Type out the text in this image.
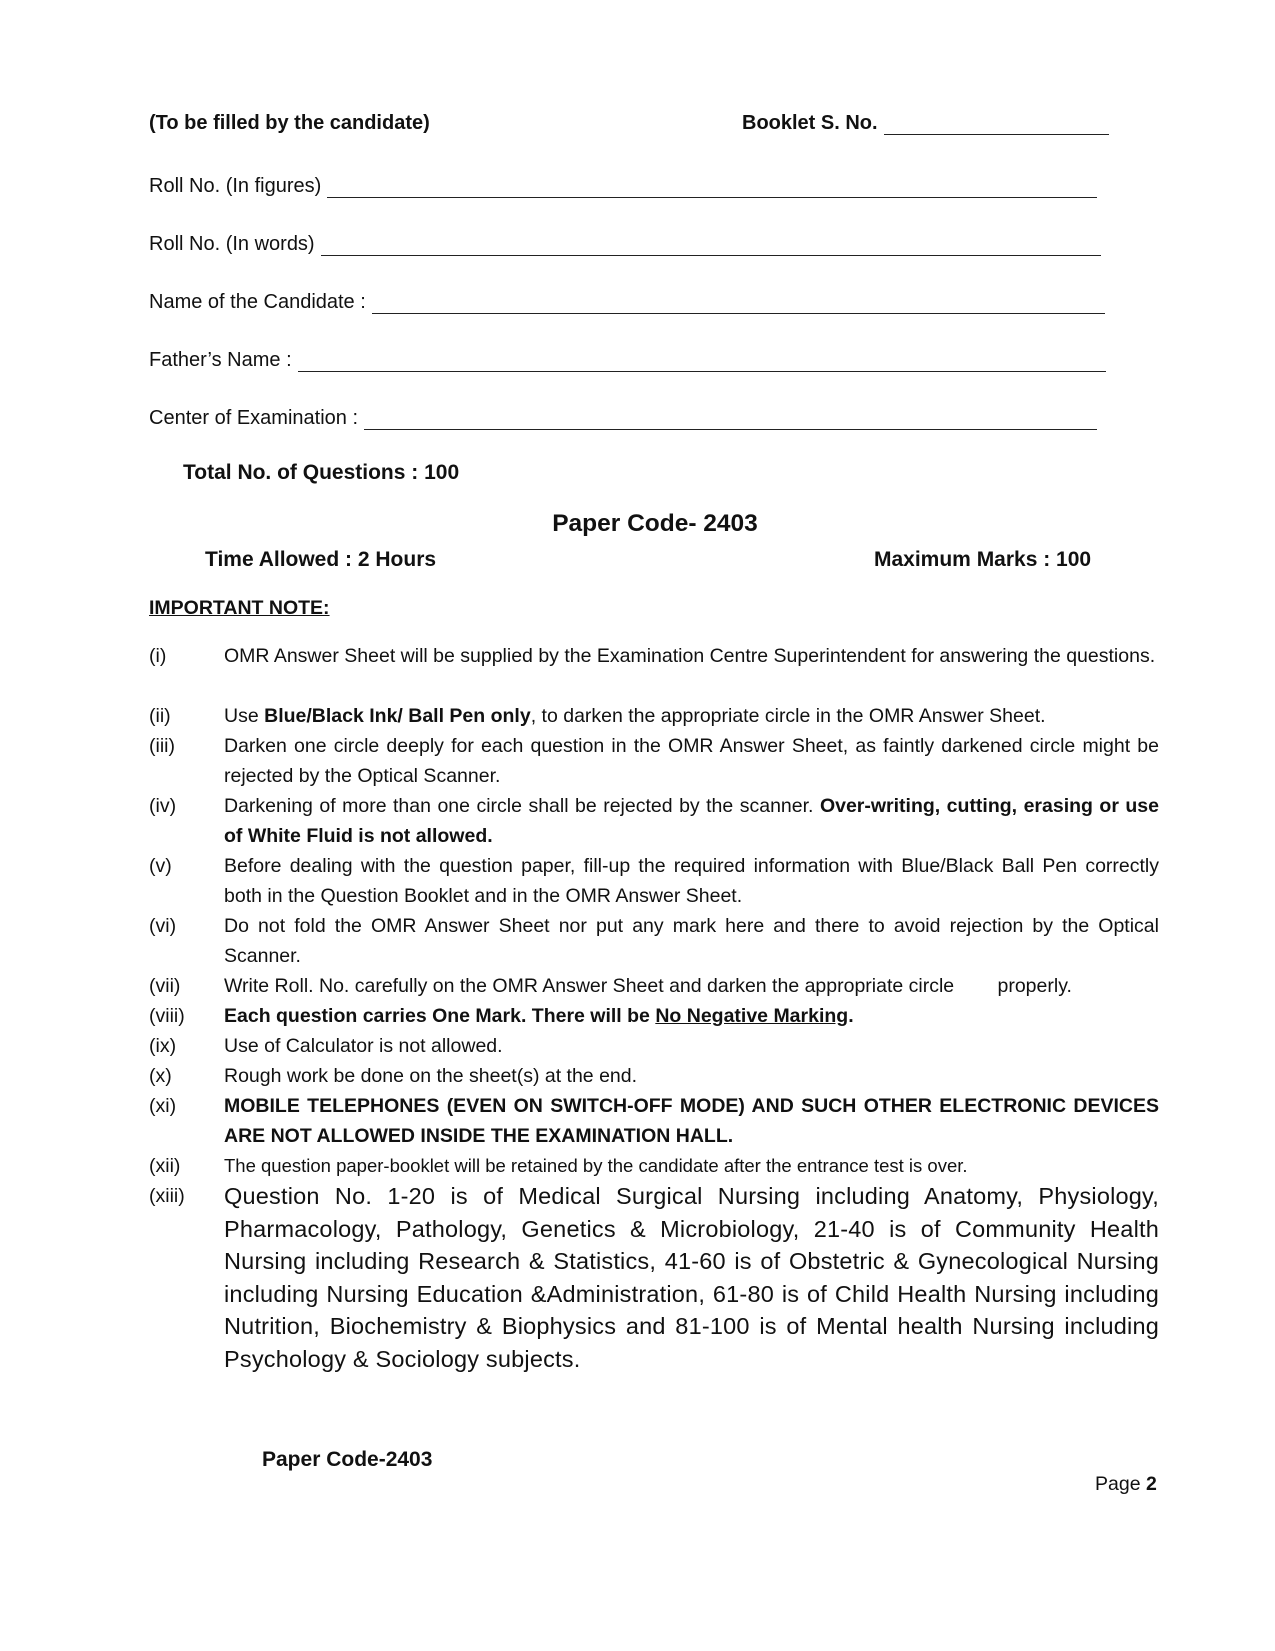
(To be filled by the candidate)	Booklet S. No.
Roll No. (In figures)
Roll No. (In words)
Name of the Candidate :
Father’s Name :
Center of Examination :
Total No. of Questions : 100
Paper Code- 2403
Time Allowed : 2 Hours	Maximum Marks : 100
IMPORTANT NOTE:
(i)	OMR Answer Sheet will be supplied by the Examination Centre Superintendent for answering the questions.
(ii)	Use Blue/Black Ink/ Ball Pen only, to darken the appropriate circle in the OMR Answer Sheet.
(iii)	Darken one circle deeply for each question in the OMR Answer Sheet, as faintly darkened circle might be rejected by the Optical Scanner.
(iv)	Darkening of more than one circle shall be rejected by the scanner. Over-writing, cutting, erasing or use of White Fluid is not allowed.
(v)	Before dealing with the question paper, fill-up the required information with Blue/Black Ball Pen correctly both in the Question Booklet and in the OMR Answer Sheet.
(vi)	Do not fold the OMR Answer Sheet nor put any mark here and there to avoid rejection by the Optical Scanner.
(vii)	Write Roll. No. carefully on the OMR Answer Sheet and darken the appropriate circle        properly.
(viii)	Each question carries One Mark. There will be No Negative Marking.
(ix)	Use of Calculator is not allowed.
(x)	Rough work be done on the sheet(s) at the end.
(xi)	MOBILE TELEPHONES (EVEN ON SWITCH-OFF MODE) AND SUCH OTHER ELECTRONIC DEVICES ARE NOT ALLOWED INSIDE THE EXAMINATION HALL.
(xii)	The question paper-booklet will be retained by the candidate after the entrance test is over.
(xiii)	Question No. 1-20 is of Medical Surgical Nursing including Anatomy, Physiology, Pharmacology, Pathology, Genetics & Microbiology, 21-40 is of Community Health Nursing including Research & Statistics, 41-60 is of Obstetric & Gynecological Nursing including Nursing Education &Administration, 61-80 is of Child Health Nursing including Nutrition, Biochemistry & Biophysics and 81-100 is of Mental health Nursing including Psychology & Sociology subjects.
Paper Code-2403
Page 2
